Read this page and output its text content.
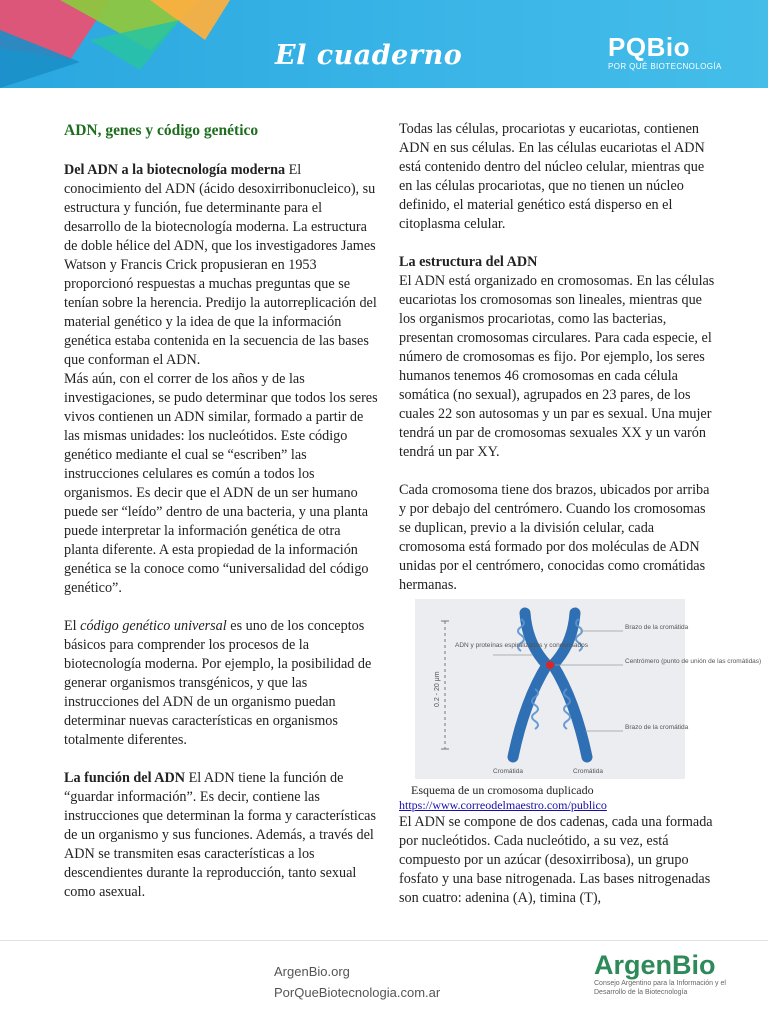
El cuaderno	PQBio
POR QUÉ BIOTECNOLOGÍA
ADN, genes y código genético

Del ADN a la biotecnología moderna El conocimiento del ADN (ácido desoxirribonucleico), su estructura y función, fue determinante para el desarrollo de la biotecnología moderna. La estructura de doble hélice del ADN, que los investigadores James Watson y Francis Crick propusieran en 1953 proporcionó respuestas a muchas preguntas que se tenían sobre la herencia. Predijo la autorreplicación del material genético y la idea de que la información genética estaba contenida en la secuencia de las bases que conforman el ADN.

Más aún, con el correr de los años y de las investigaciones, se pudo determinar que todos los seres vivos contienen un ADN similar, formado a partir de las mismas unidades: los nucleótidos. Este código genético mediante el cual se “escriben” las instrucciones celulares es común a todos los organismos. Es decir que el ADN de un ser humano puede ser “leído” dentro de una bacteria, y una planta puede interpretar la información genética de otra planta diferente. A esta propiedad de la información genética se la conoce como “universalidad del código genético”.

El código genético universal es uno de los conceptos básicos para comprender los procesos de la biotecnología moderna. Por ejemplo, la posibilidad de generar organismos transgénicos, y que las instrucciones del ADN de un organismo puedan determinar nuevas características en organismos totalmente diferentes.

La función del ADN El ADN tiene la función de “guardar información”. Es decir, contiene las instrucciones que determinan la forma y características de un organismo y sus funciones. Además, a través del ADN se transmiten esas características a los descendientes durante la reproducción, tanto sexual como asexual.

Todas las células, procariotas y eucariotas, contienen ADN en sus células. En las células eucariotas el ADN está contenido dentro del núcleo celular, mientras que en las células procariotas, que no tienen un núcleo definido, el material genético está disperso en el citoplasma celular.

La estructura del ADN

El ADN está organizado en cromosomas. En las células eucariotas los cromosomas son lineales, mientras que los organismos procariotas, como las bacterias, presentan cromosomas circulares. Para cada especie, el número de cromosomas es fijo. Por ejemplo, los seres humanos tenemos 46 cromosomas en cada célula somática (no sexual), agrupados en 23 pares, de los cuales 22 son autosomas y un par es sexual. Una mujer tendrá un par de cromosomas sexuales XX y un varón tendrá un par XY.

Cada cromosoma tiene dos brazos, ubicados por arriba y por debajo del centrómero. Cuando los cromosomas se duplican, previo a la división celular, cada cromosoma está formado por dos moléculas de ADN unidas por el centrómero, conocidas como cromátidas hermanas.

0.2 - 20 μm
ADN y proteínas espiralizados y condensados
Brazo de la cromátida
Centrómero (punto de unión de las cromátidas)
Brazo de la cromátida
Cromátida	Cromátida
Esquema de un cromosoma duplicado
https://www.correodelmaestro.com/publico

El ADN se compone de dos cadenas, cada una formada por nucleótidos. Cada nucleótido, a su vez, está compuesto por un azúcar (desoxirribosa), un grupo fosfato y una base nitrogenada. Las bases nitrogenadas son cuatro: adenina (A), timina (T),

ArgenBio.org
PorQueBiotecnologia.com.ar
ArgenBio
Consejo Argentino para la Información y el Desarrollo de la Biotecnología
